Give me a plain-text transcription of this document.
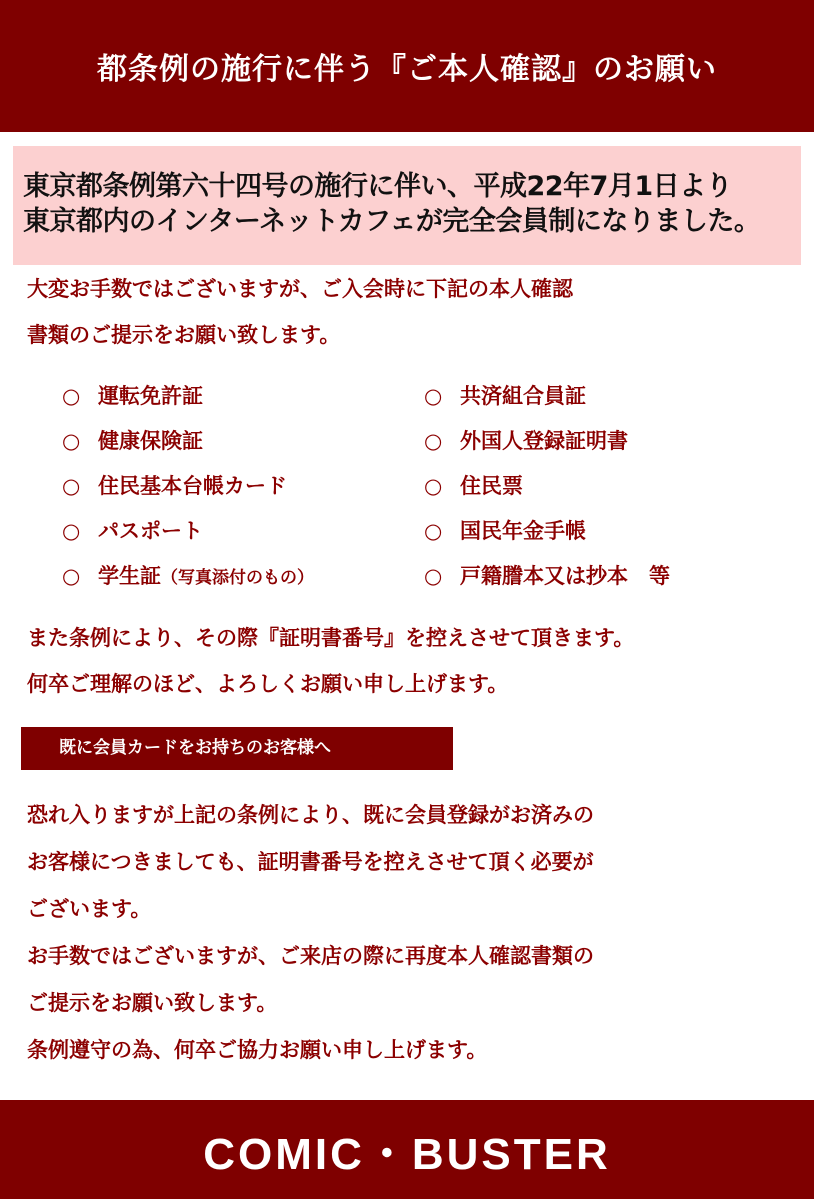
都条例の施行に伴う『ご本人確認』のお願い

東京都条例第六十四号の施行に伴い、平成22年7月1日より

東京都内のインターネットカフェが完全会員制になりました。

大変お手数ではございますが、ご入会時に下記の本人確認
書類のご提示をお願い致します。
○ 運転免許証	○ 共済組合員証
○ 健康保険証	○ 外国人登録証明書
○ 住民基本台帳カード	○ 住民票
○ パスポート	○ 国民年金手帳
○ 学生証（写真添付のもの）	○ 戸籍謄本又は抄本　等
また条例により、その際『証明書番号』を控えさせて頂きます。
何卒ご理解のほど、よろしくお願い申し上げます。
既に会員カードをお持ちのお客様へ
恐れ入りますが上記の条例により、既に会員登録がお済みの
お客様につきましても、証明書番号を控えさせて頂く必要が
ございます。
お手数ではございますが、ご来店の際に再度本人確認書類の
ご提示をお願い致します。
条例遵守の為、何卒ご協力お願い申し上げます。
COMIC・BUSTER
